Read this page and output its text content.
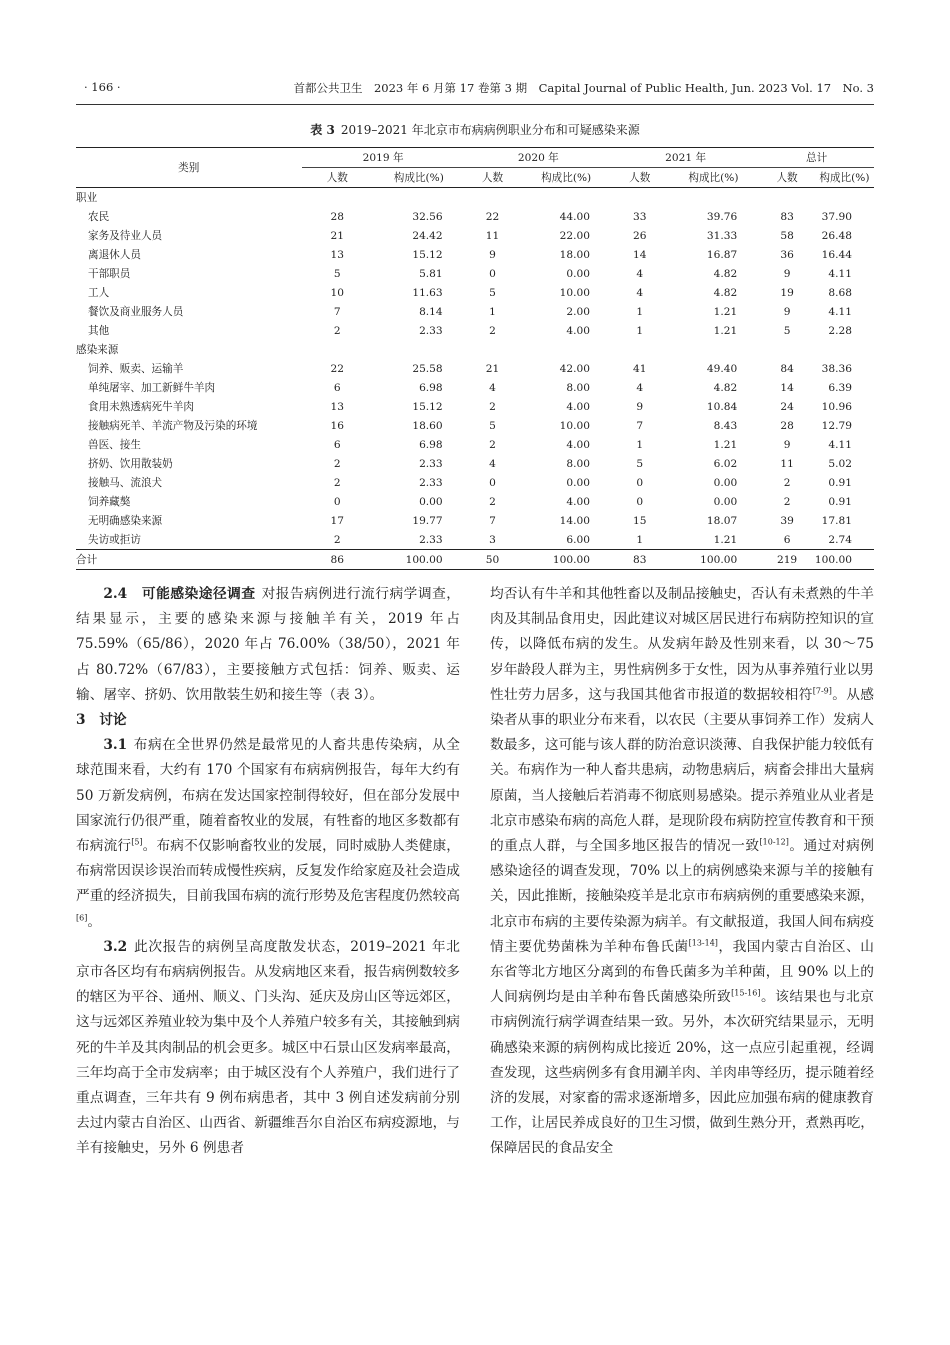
· 166 ·	首都公共卫生　2023 年 6 月第 17 卷第 3 期　Capital Journal of Public Health, Jun. 2023 Vol. 17　No. 3
表 3 2019–2021 年北京市布病病例职业分布和可疑感染来源
类别	2019 年		2020 年		2021 年		总计	
	人数	构成比(%)	人数	构成比(%)	人数	构成比(%)	人数	构成比(%)
职业								
农民	28	32.56	22	44.00	33	39.76	83	37.90
家务及待业人员	21	24.42	11	22.00	26	31.33	58	26.48
离退休人员	13	15.12	9	18.00	14	16.87	36	16.44
干部职员	5	5.81	0	0.00	4	4.82	9	4.11
工人	10	11.63	5	10.00	4	4.82	19	8.68
餐饮及商业服务人员	7	8.14	1	2.00	1	1.21	9	4.11
其他	2	2.33	2	4.00	1	1.21	5	2.28
感染来源								
饲养、贩卖、运输羊	22	25.58	21	42.00	41	49.40	84	38.36
单纯屠宰、加工新鲜牛羊肉	6	6.98	4	8.00	4	4.82	14	6.39
食用未熟透病死牛羊肉	13	15.12	2	4.00	9	10.84	24	10.96
接触病死羊、羊流产物及污染的环境	16	18.60	5	10.00	7	8.43	28	12.79
兽医、接生	6	6.98	2	4.00	1	1.21	9	4.11
挤奶、饮用散装奶	2	2.33	4	8.00	5	6.02	11	5.02
接触马、流浪犬	2	2.33	0	0.00	0	0.00	2	0.91
饲养藏獒	0	0.00	2	4.00	0	0.00	2	0.91
无明确感染来源	17	19.77	7	14.00	15	18.07	39	17.81
失访或拒访	2	2.33	3	6.00	1	1.21	6	2.74
合计	86	100.00	50	100.00	83	100.00	219	100.00

2.4　可能感染途径调查 对报告病例进行流行病学调查，结果显示，主要的感染来源与接触羊有关，2019 年占 75.59%（65/86），2020 年占 76.00%（38/50），2021 年占 80.72%（67/83），主要接触方式包括：饲养、贩卖、运输、屠宰、挤奶、饮用散装生奶和接生等（表 3）。

3　讨论

3.1 布病在全世界仍然是最常见的人畜共患传染病，从全球范围来看，大约有 170 个国家有布病病例报告，每年大约有 50 万新发病例，布病在发达国家控制得较好，但在部分发展中国家流行仍很严重，随着畜牧业的发展，有牲畜的地区多数都有布病流行[5]。布病不仅影响畜牧业的发展，同时威胁人类健康，布病常因误诊误治而转成慢性疾病，反复发作给家庭及社会造成严重的经济损失，目前我国布病的流行形势及危害程度仍然较高[6]。

3.2 此次报告的病例呈高度散发状态，2019–2021 年北京市各区均有布病病例报告。从发病地区来看，报告病例数较多的辖区为平谷、通州、顺义、门头沟、延庆及房山区等远郊区，这与远郊区养殖业较为集中及个人养殖户较多有关，其接触到病死的牛羊及其肉制品的机会更多。城区中石景山区发病率最高，三年均高于全市发病率；由于城区没有个人养殖户，我们进行了重点调查，三年共有 9 例布病患者，其中 3 例自述发病前分别去过内蒙古自治区、山西省、新疆维吾尔自治区布病疫源地，与羊有接触史，另外 6 例患者

均否认有牛羊和其他牲畜以及制品接触史，否认有未煮熟的牛羊肉及其制品食用史，因此建议对城区居民进行布病防控知识的宣传，以降低布病的发生。从发病年龄及性别来看，以 30～75 岁年龄段人群为主，男性病例多于女性，因为从事养殖行业以男性壮劳力居多，这与我国其他省市报道的数据较相符[7-9]。从感染者从事的职业分布来看，以农民（主要从事饲养工作）发病人数最多，这可能与该人群的防治意识淡薄、自我保护能力较低有关。布病作为一种人畜共患病，动物患病后，病畜会排出大量病原菌，当人接触后若消毒不彻底则易感染。提示养殖业从业者是北京市感染布病的高危人群，是现阶段布病防控宣传教育和干预的重点人群，与全国多地区报告的情况一致[10-12]。通过对病例感染途径的调查发现，70% 以上的病例感染来源与羊的接触有关，因此推断，接触染疫羊是北京市布病病例的重要感染来源，北京市布病的主要传染源为病羊。有文献报道，我国人间布病疫情主要优势菌株为羊种布鲁氏菌[13-14]，我国内蒙古自治区、山东省等北方地区分离到的布鲁氏菌多为羊种菌，且 90% 以上的人间病例均是由羊种布鲁氏菌感染所致[15-16]。该结果也与北京市病例流行病学调查结果一致。另外，本次研究结果显示，无明确感染来源的病例构成比接近 20%，这一点应引起重视，经调查发现，这些病例多有食用涮羊肉、羊肉串等经历，提示随着经济的发展，对家畜的需求逐渐增多，因此应加强布病的健康教育工作，让居民养成良好的卫生习惯，做到生熟分开，煮熟再吃，保障居民的食品安全
